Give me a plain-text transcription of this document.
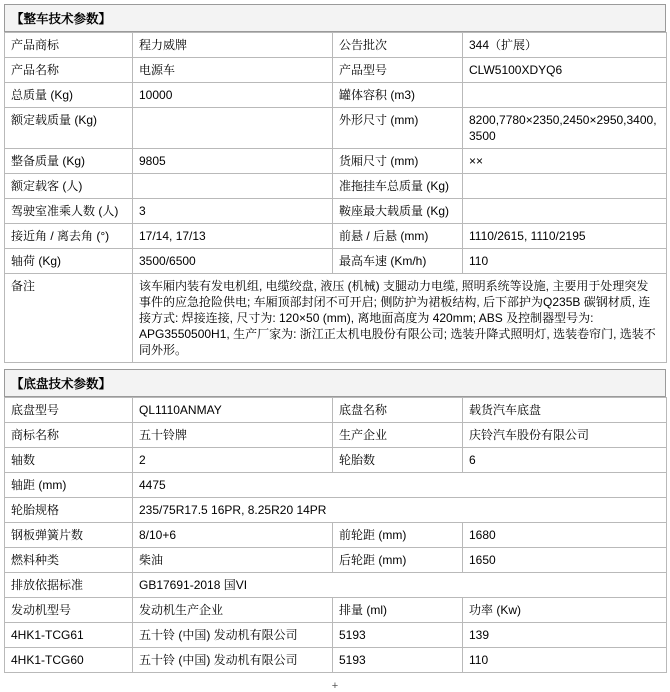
【整车技术参数】
产品商标	程力威牌	公告批次	344（扩展）
产品名称	电源车	产品型号	CLW5100XDYQ6
总质量 (Kg)	10000	罐体容积 (m3)	
额定载质量 (Kg)		外形尺寸 (mm)	8200,7780×2350,2450×2950,3400,3500
整备质量 (Kg)	9805	货厢尺寸 (mm)	××
额定载客 (人)		准拖挂车总质量 (Kg)	
驾驶室准乘人数 (人)	3	鞍座最大载质量 (Kg)	
接近角 / 离去角 (°)	17/14, 17/13	前悬 / 后悬 (mm)	1110/2615, 1110/2195
轴荷 (Kg)	3500/6500	最高车速 (Km/h)	110
备注	该车厢内装有发电机组, 电缆绞盘, 液压 (机械) 支腿动力电缆, 照明系统等设施, 主要用于处理突发事件的应急抢险供电; 车厢顶部封闭不可开启; 侧防护为裙板结构, 后下部护为Q235B 碳钢材质, 连接方式: 焊接连接, 尺寸为: 120×50 (mm), 离地面高度为 420mm; ABS 及控制器型号为: APG3550500H1, 生产厂家为: 浙江正太机电股份有限公司; 选装升降式照明灯, 选装卷帘门, 选装不同外形。		
【底盘技术参数】
底盘型号	QL1110ANMAY	底盘名称	载货汽车底盘
商标名称	五十铃牌	生产企业	庆铃汽车股份有限公司
轴数	2	轮胎数	6
轴距 (mm)	4475		
轮胎规格	235/75R17.5 16PR, 8.25R20 14PR		
钢板弹簧片数	8/10+6	前轮距 (mm)	1680
燃料种类	柴油	后轮距 (mm)	1650
排放依据标准	GB17691-2018 国VI		
发动机型号	发动机生产企业	排量 (ml)	功率 (Kw)
4HK1-TCG61	五十铃 (中国) 发动机有限公司	5193	139
4HK1-TCG60	五十铃 (中国) 发动机有限公司	5193	110
+
